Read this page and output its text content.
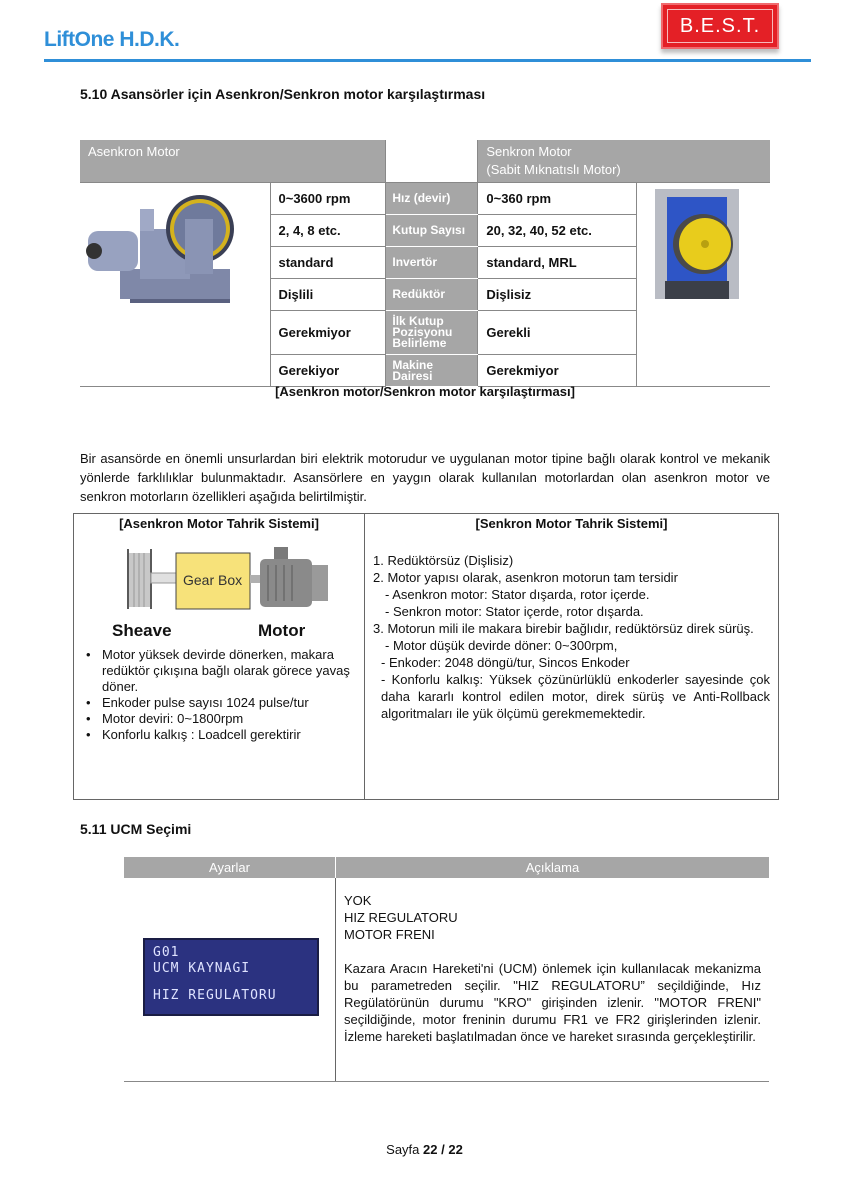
LiftOne H.D.K.
B.E.S.T.
5.10 Asansörler için Asenkron/Senkron motor karşılaştırması
Asenkron Motor			Senkron Motor
(Sabit Mıknatıslı Motor)	

	0~3600 rpm	Hız (devir)	0~360 rpm	
	2, 4, 8 etc.	Kutup Sayısı	20, 32, 40, 52 etc.	
	standard	Invertör	standard, MRL	
	Dişlili	Redüktör	Dişlisiz	
	Gerekmiyor	İlk Kutup Pozisyonu Belirleme	Gerekli	
	Gerekiyor	Makine Dairesi	Gerekmiyor	
[Asenkron motor/Senkron motor karşılaştırması]
Bir asansörde en önemli unsurlardan biri elektrik motorudur ve uygulanan motor tipine bağlı olarak kontrol ve mekanik yönlerde farklılıklar bulunmaktadır. Asansörlere en yaygın olarak kullanılan motorlardan olan asenkron motor ve senkron motorların özellikleri aşağıda belirtilmiştir.
[Asenkron Motor Tahrik Sistemi]
Gear Box
Sheave	Motor
• Motor yüksek devirde dönerken, makara redüktör çıkışına bağlı olarak görece yavaş döner.
• Enkoder pulse sayısı 1024 pulse/tur
• Motor deviri: 0~1800rpm
• Konforlu kalkış : Loadcell gerektirir
[Senkron Motor Tahrik Sistemi]
1. Redüktörsüz (Dişlisiz)
2. Motor yapısı olarak, asenkron motorun tam tersidir
- Asenkron motor: Stator dışarda, rotor içerde.
- Senkron motor: Stator içerde, rotor dışarda.
3. Motorun mili ile makara birebir bağlıdır, redüktörsüz direk sürüş.
- Motor düşük devirde döner: 0~300rpm,
- Enkoder: 2048 döngü/tur, Sincos Enkoder
- Konforlu kalkış: Yüksek çözünürlüklü enkoderler sayesinde çok daha kararlı kontrol edilen motor, direk sürüş ve Anti-Rollback algoritmaları ile yük ölçümü gerekmemektedir.
5.11 UCM Seçimi
Ayarlar	Açıklama
G01
UCM KAYNAGI
HIZ REGULATORU
YOK
HIZ REGULATORU
MOTOR FRENI
Kazara Aracın Hareketi'ni (UCM) önlemek için kullanılacak mekanizma bu parametreden seçilir. "HIZ REGULATORU” seçildiğinde, Hız Regülatörünün durumu "KRO" girişinden izlenir. "MOTOR FRENI" seçildiğinde, motor freninin durumu FR1 ve FR2 girişlerinden izlenir. İzleme hareketi başlatılmadan önce ve hareket sırasında gerçekleştirilir.
Sayfa 22 / 22
